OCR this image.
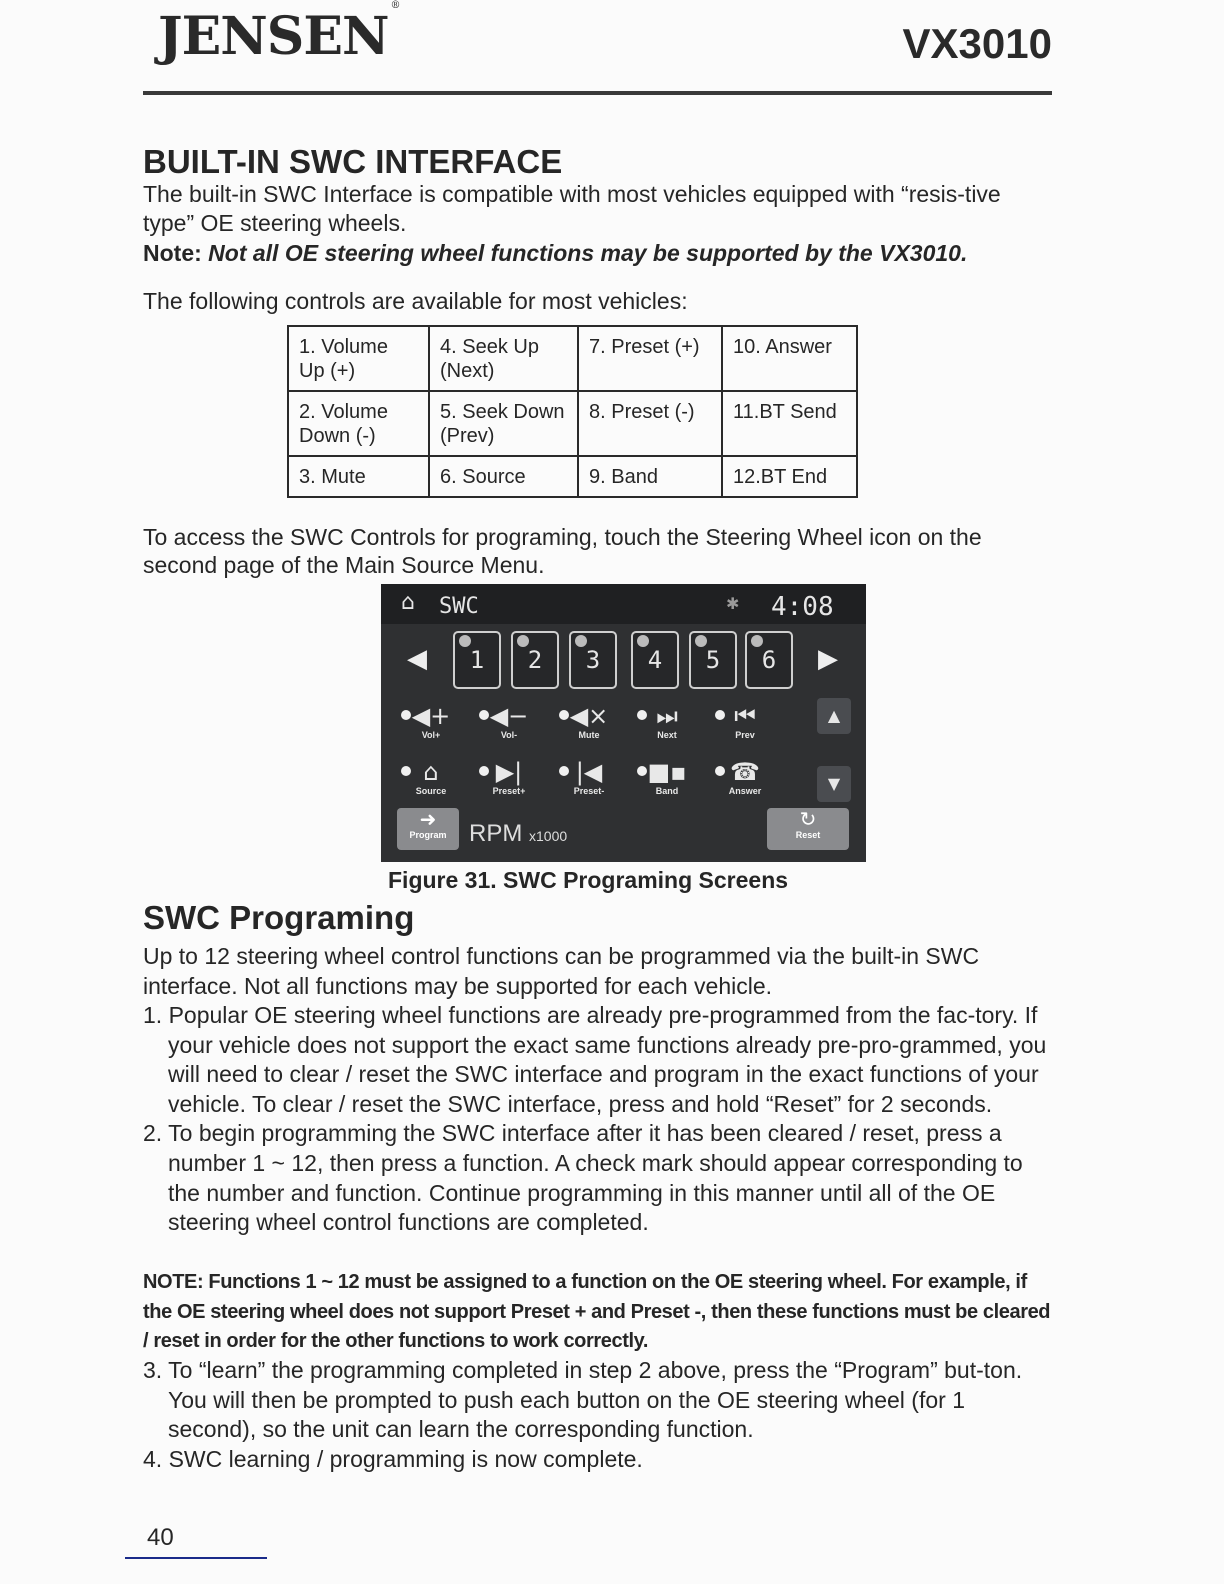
JENSEN®
VX3010
BUILT-IN SWC INTERFACE
The built-in SWC Interface is compatible with most vehicles equipped with “resis-tive type” OE steering wheels.
Note: Not all OE steering wheel functions may be supported by the VX3010.
The following controls are available for most vehicles:
1. Volume Up (+)	4. Seek Up (Next)	7. Preset (+)	10. Answer
2. Volume Down (-)	5. Seek Down (Prev)	8. Preset (-)	11.BT Send
3. Mute	6. Source	9. Band	12.BT End
To access the SWC Controls for programing, touch the Steering Wheel icon on the second page of the Main Source Menu.
⌂ SWC	✱ 4:08
◀	▶
1	2	3	4	5	6
◀+
Vol+
◀−
Vol-
◀×
Mute
⏭
Next
⏮
Prev
⌂
Source
▶|
Preset+
|◀
Preset-
■▪
Band
☎
Answer
▲
▼
➜
Program RPM x1000
↻
Reset
Figure 31. SWC Programing Screens
SWC Programing
Up to 12 steering wheel control functions can be programmed via the built-in SWC interface. Not all functions may be supported for each vehicle.
1. Popular OE steering wheel functions are already pre-programmed from the fac-tory. If your vehicle does not support the exact same functions already pre-pro-grammed, you will need to clear / reset the SWC interface and program in the exact functions of your vehicle. To clear / reset the SWC interface, press and hold “Reset” for 2 seconds.
2. To begin programming the SWC interface after it has been cleared / reset, press a number 1 ~ 12, then press a function. A check mark should appear corresponding to the number and function. Continue programming in this manner until all of the OE steering wheel control functions are completed.
NOTE: Functions 1 ~ 12 must be assigned to a function on the OE steering wheel. For example, if the OE steering wheel does not support Preset + and Preset -, then these functions must be cleared / reset in order for the other functions to work correctly.
3. To “learn” the programming completed in step 2 above, press the “Program” but-ton. You will then be prompted to push each button on the OE steering wheel (for 1 second), so the unit can learn the corresponding function.
4. SWC learning / programming is now complete.
40
